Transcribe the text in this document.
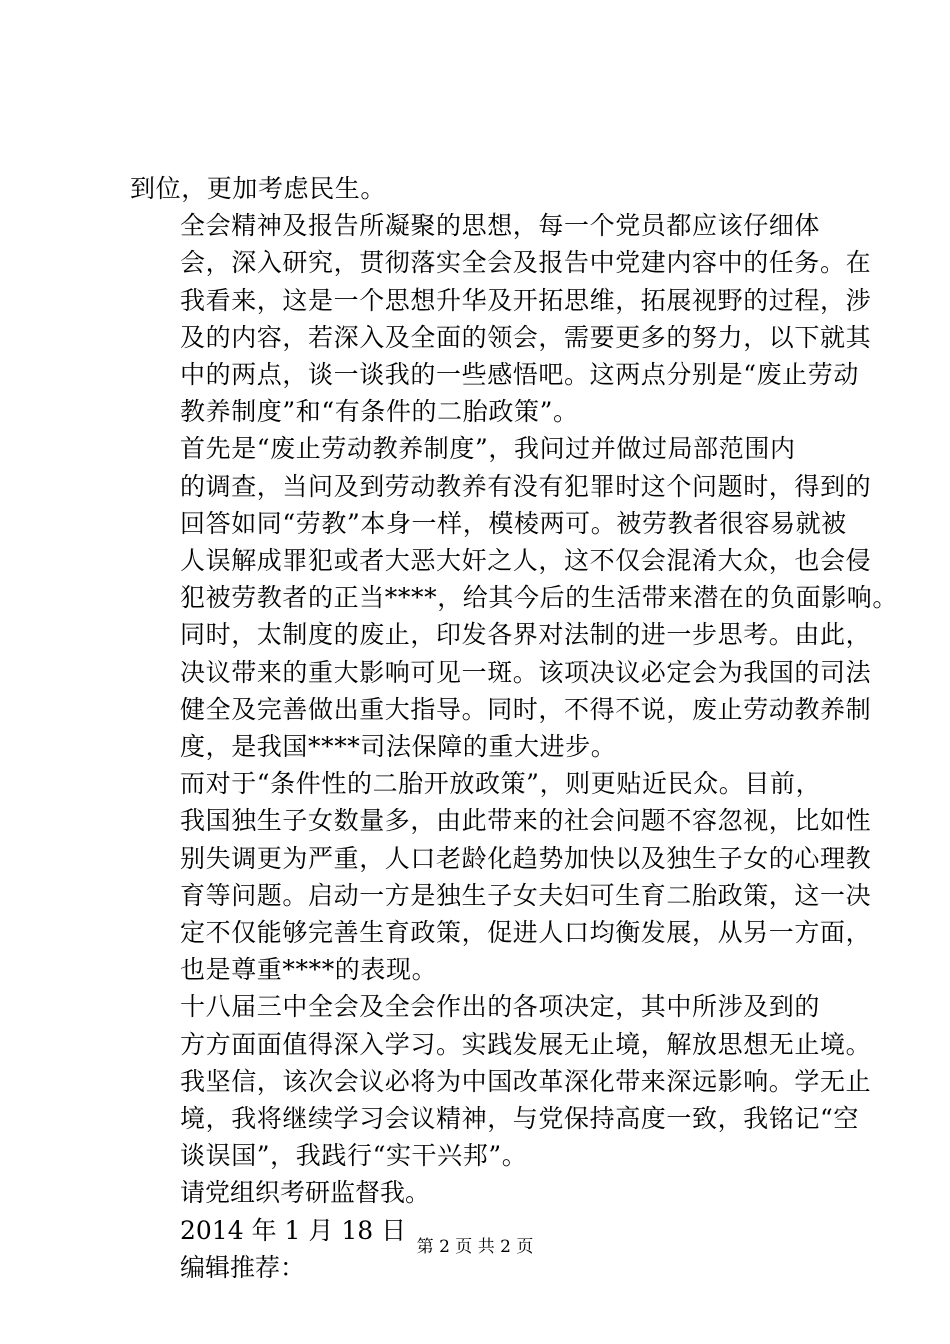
到位，更加考虑民生。

全会精神及报告所凝聚的思想，每一个党员都应该仔细体
会，深入研究，贯彻落实全会及报告中党建内容中的任务。在
我看来，这是一个思想升华及开拓思维，拓展视野的过程，涉
及的内容，若深入及全面的领会，需要更多的努力，以下就其
中的两点，谈一谈我的一些感悟吧。这两点分别是“废止劳动
教养制度”和“有条件的二胎政策”。

首先是“废止劳动教养制度”，我问过并做过局部范围内
的调查，当问及到劳动教养有没有犯罪时这个问题时，得到的
回答如同“劳教”本身一样，模棱两可。被劳教者很容易就被
人误解成罪犯或者大恶大奸之人，这不仅会混淆大众，也会侵
犯被劳教者的正当****，给其今后的生活带来潜在的负面影响。
同时，太制度的废止，印发各界对法制的进一步思考。由此，
决议带来的重大影响可见一斑。该项决议必定会为我国的司法
健全及完善做出重大指导。同时，不得不说，废止劳动教养制
度，是我国****司法保障的重大进步。

而对于“条件性的二胎开放政策”，则更贴近民众。目前，
我国独生子女数量多，由此带来的社会问题不容忽视，比如性
别失调更为严重，人口老龄化趋势加快以及独生子女的心理教
育等问题。启动一方是独生子女夫妇可生育二胎政策，这一决
定不仅能够完善生育政策，促进人口均衡发展，从另一方面，
也是尊重****的表现。

十八届三中全会及全会作出的各项决定，其中所涉及到的
方方面面值得深入学习。实践发展无止境，解放思想无止境。
我坚信，该次会议必将为中国改革深化带来深远影响。学无止
境，我将继续学习会议精神，与党保持高度一致，我铭记“空
谈误国”，我践行“实干兴邦”。

请党组织考研监督我。

2014 年 1 月 18 日

编辑推荐：

第 2 页 共 2 页
